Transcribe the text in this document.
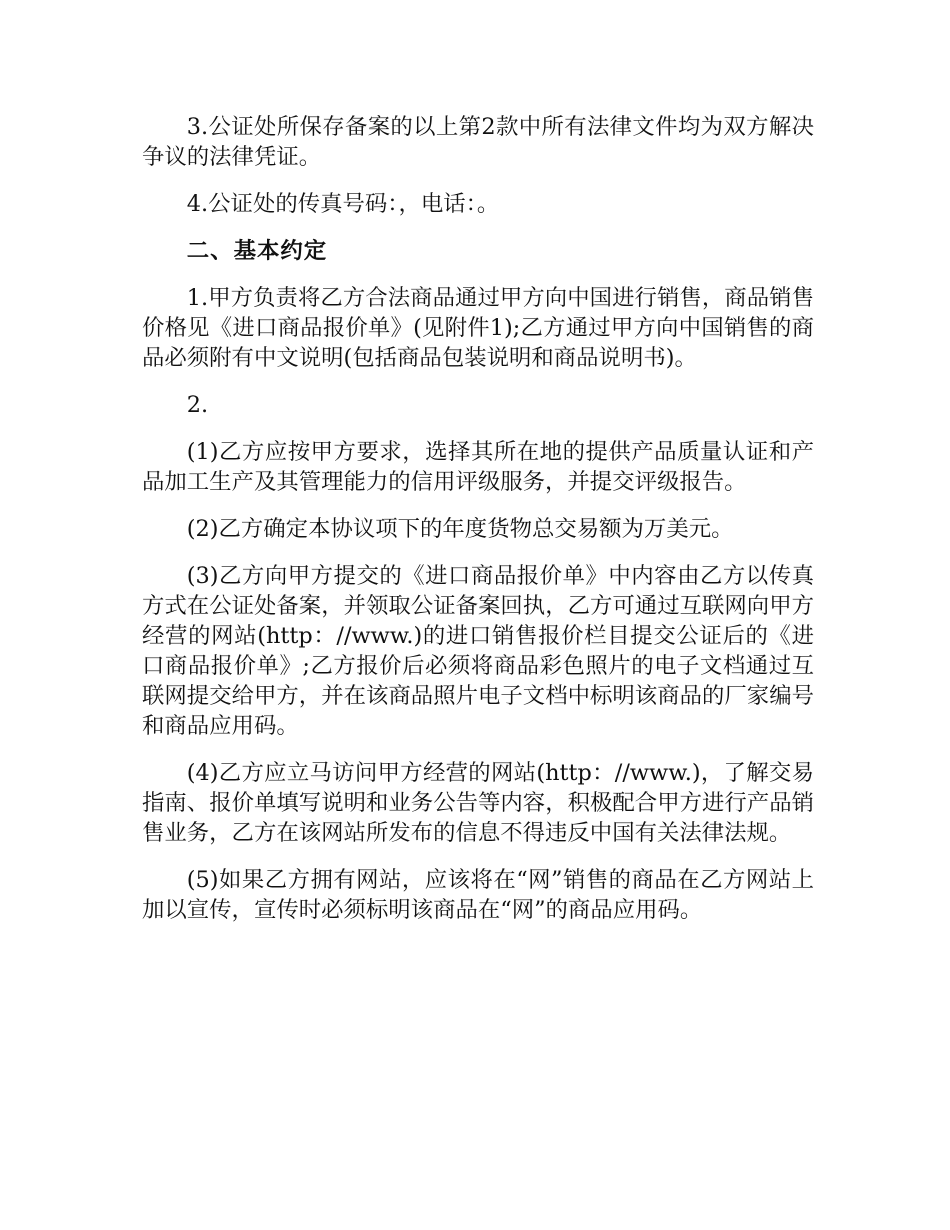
3.公证处所保存备案的以上第2款中所有法律文件均为双方解决争议的法律凭证。

4.公证处的传真号码：，电话：。

二、基本约定

1.甲方负责将乙方合法商品通过甲方向中国进行销售，商品销售价格见《进口商品报价单》(见附件1);乙方通过甲方向中国销售的商品必须附有中文说明(包括商品包装说明和商品说明书)。

2.

(1)乙方应按甲方要求，选择其所在地的提供产品质量认证和产品加工生产及其管理能力的信用评级服务，并提交评级报告。

(2)乙方确定本协议项下的年度货物总交易额为万美元。

(3)乙方向甲方提交的《进口商品报价单》中内容由乙方以传真方式在公证处备案，并领取公证备案回执，乙方可通过互联网向甲方经营的网站(http：//www.)的进口销售报价栏目提交公证后的《进口商品报价单》;乙方报价后必须将商品彩色照片的电子文档通过互联网提交给甲方，并在该商品照片电子文档中标明该商品的厂家编号和商品应用码。

(4)乙方应立马访问甲方经营的网站(http：//www.)，了解交易指南、报价单填写说明和业务公告等内容，积极配合甲方进行产品销售业务，乙方在该网站所发布的信息不得违反中国有关法律法规。

(5)如果乙方拥有网站，应该将在“网”销售的商品在乙方网站上加以宣传，宣传时必须标明该商品在“网”的商品应用码。
